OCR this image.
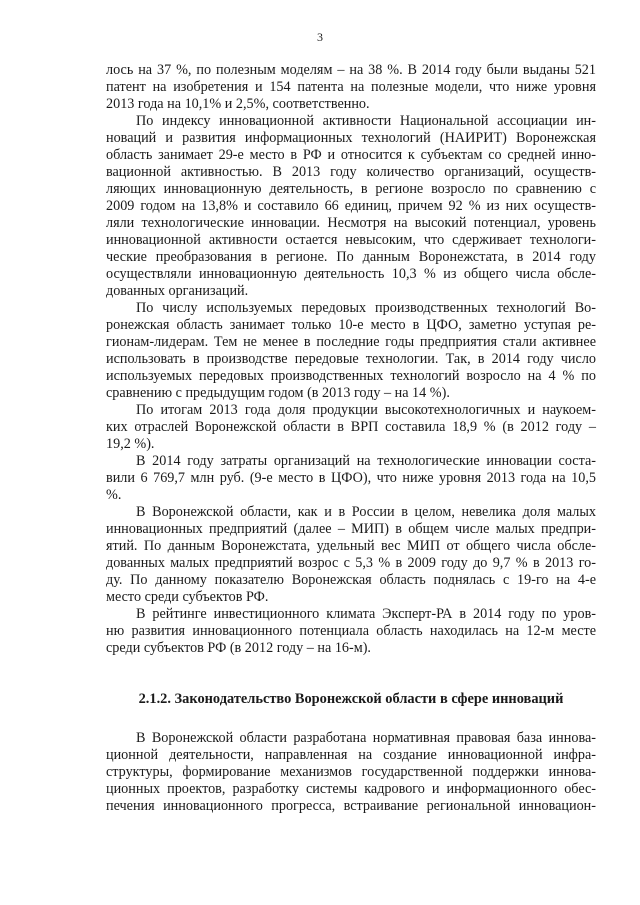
3
лось на 37 %, по полезным моделям – на 38 %. В 2014 году были выданы 521
патент на изобретения и 154 патента на полезные модели, что ниже уровня
2013 года на 10,1% и 2,5%, соответственно.
По индексу инновационной активности Национальной ассоциации ин-
новаций и развития информационных технологий (НАИРИТ) Воронежская
область занимает 29-е место в РФ и относится к субъектам со средней инно-
вационной активностью. В 2013 году количество организаций, осуществ-
ляющих инновационную деятельность, в регионе возросло по сравнению с
2009 годом на 13,8% и составило 66 единиц, причем 92 % из них осуществ-
ляли технологические инновации. Несмотря на высокий потенциал, уровень
инновационной активности остается невысоким, что сдерживает технологи-
ческие преобразования в регионе. По данным Воронежстата, в 2014 году
осуществляли инновационную деятельность 10,3 % из общего числа обсле-
дованных организаций.
По числу используемых передовых производственных технологий Во-
ронежская область занимает только 10-е место в ЦФО, заметно уступая ре-
гионам-лидерам. Тем не менее в последние годы предприятия стали активнее
использовать в производстве передовые технологии. Так, в 2014 году число
используемых передовых производственных технологий возросло на 4 % по
сравнению с предыдущим годом (в 2013 году – на 14 %).
По итогам 2013 года доля продукции высокотехнологичных и наукоем-
ких отраслей Воронежской области в ВРП составила 18,9 % (в 2012 году –
19,2 %).
В 2014 году затраты организаций на технологические инновации соста-
вили 6 769,7 млн руб. (9-е место в ЦФО), что ниже уровня 2013 года на 10,5
%.
В Воронежской области, как и в России в целом, невелика доля малых
инновационных предприятий (далее – МИП) в общем числе малых предпри-
ятий. По данным Воронежстата, удельный вес МИП от общего числа обсле-
дованных малых предприятий возрос с 5,3 % в 2009 году до 9,7 % в 2013 го-
ду. По данному показателю Воронежская область поднялась с 19-го на 4-е
место среди субъектов РФ.
В рейтинге инвестиционного климата Эксперт-РА в 2014 году по уров-
ню развития инновационного потенциала область находилась на 12-м месте
среди субъектов РФ (в 2012 году – на 16-м).
2.1.2. Законодательство Воронежской области в сфере инноваций
В Воронежской области разработана нормативная правовая база иннова-
ционной деятельности, направленная на создание инновационной инфра-
структуры, формирование механизмов государственной поддержки иннова-
ционных проектов, разработку системы кадрового и информационного обес-
печения инновационного прогресса, встраивание региональной инновацион-
